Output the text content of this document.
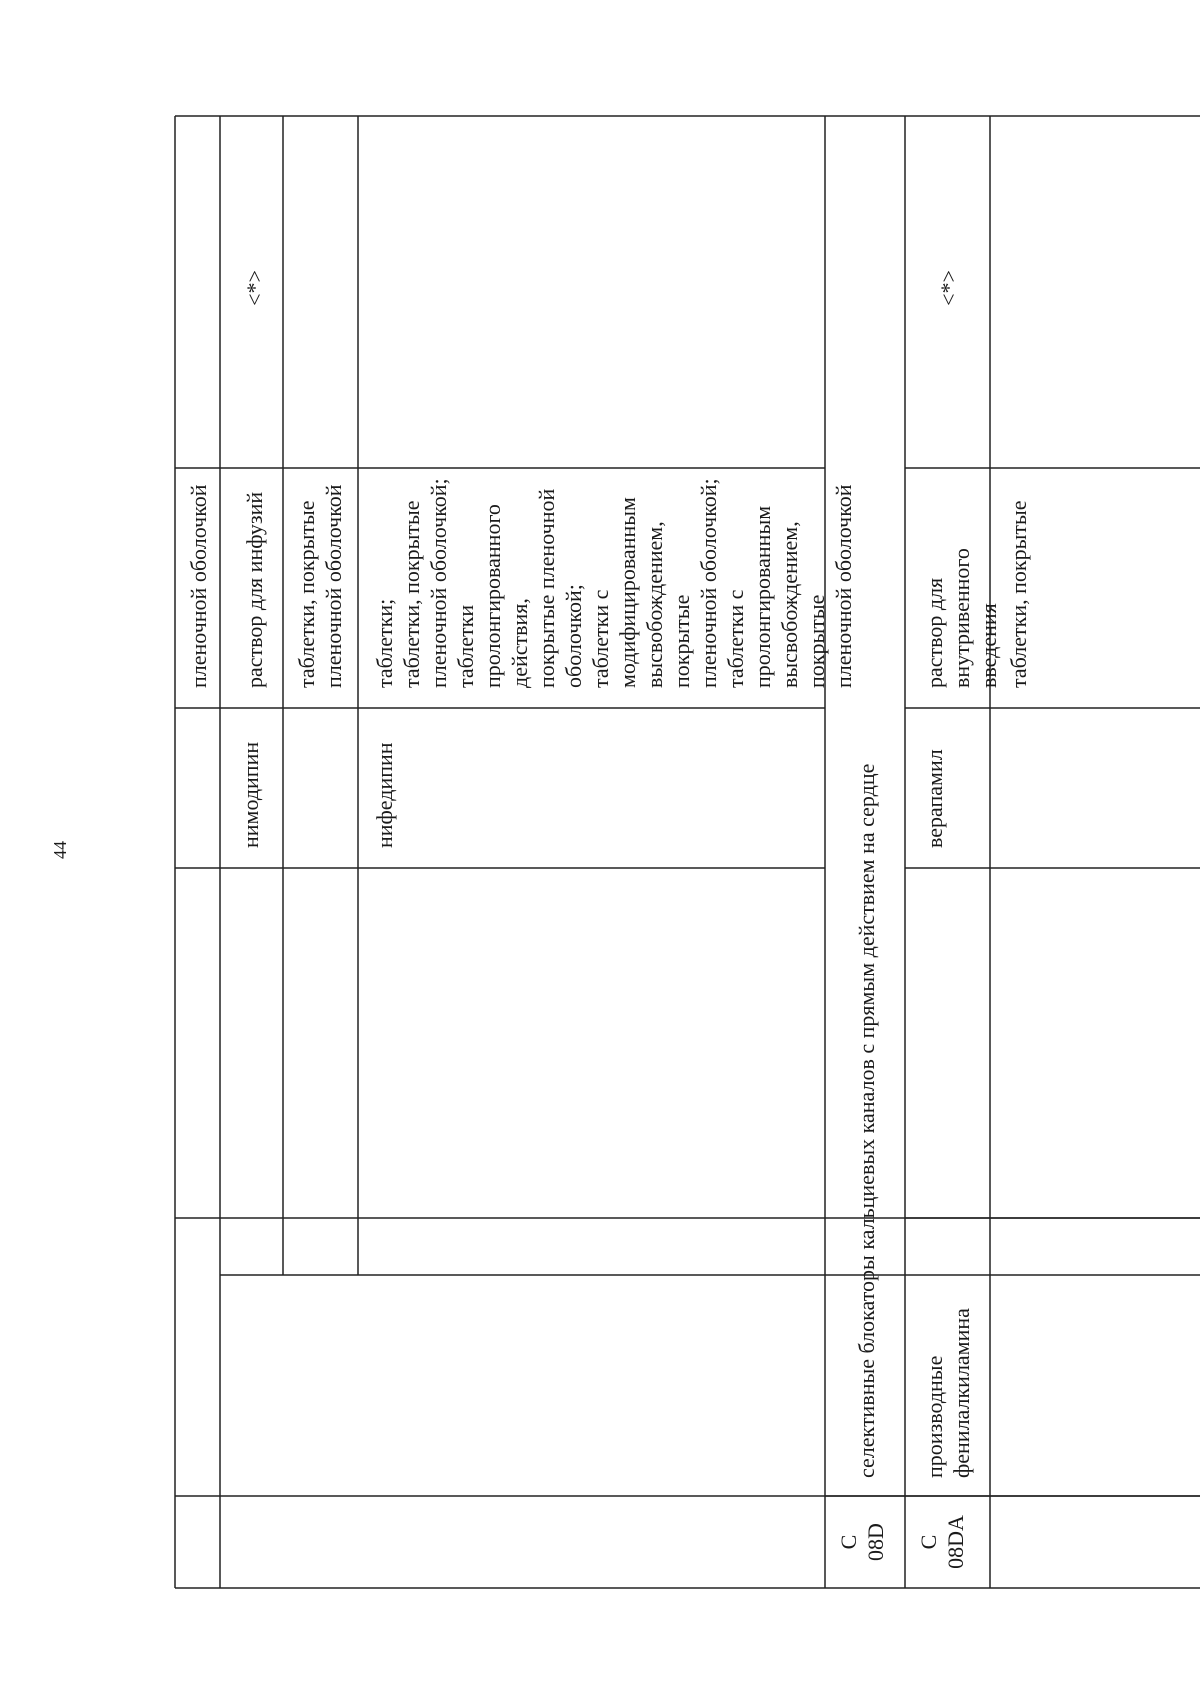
44
пленочной оболочкой
нимодипин
раствор для инфузий
<*>
таблетки, покрытые
пленочной оболочкой
нифедипин
таблетки;
таблетки, покрытые
пленочной оболочкой;
таблетки
пролонгированного действия,
покрытые пленочной
оболочкой;
таблетки с
модифицированным
высвобождением, покрытые
пленочной оболочкой;
таблетки с
пролонгированным
высвобождением, покрытые
пленочной оболочкой
С
08D
селективные блокаторы кальциевых каналов с прямым действием на сердце
С
08DA
производные
фенилалкиламина
верапамил
раствор для
внутривенного введения
<*>
таблетки, покрытые
